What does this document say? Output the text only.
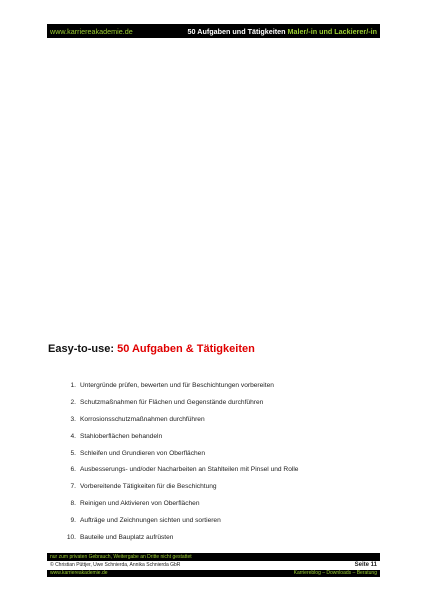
www.karriereakademie.de	50 Aufgaben und Tätigkeiten Maler/-in und Lackierer/-in
Easy-to-use: 50 Aufgaben & Tätigkeiten
1. Untergründe prüfen, bewerten und für Beschichtungen vorbereiten
2. Schutzmaßnahmen für Flächen und Gegenstände durchführen
3. Korrosionsschutzmaßnahmen durchführen
4. Stahloberflächen behandeln
5. Schleifen und Grundieren von Oberflächen
6. Ausbesserungs- und/oder Nacharbeiten an Stahlteilen mit Pinsel und Rolle
7. Vorbereitende Tätigkeiten für die Beschichtung
8. Reinigen und Aktivieren von Oberflächen
9. Aufträge und Zeichnungen sichten und sortieren
10. Bauteile und Bauplatz aufrüsten
nur zum privaten Gebrauch, Weitergabe an Dritte nicht gestattet
© Christian Püttjer, Uwe Schnierda, Annika Schnierda GbR	Seite 11
www.karriereakademie.de	Karriereblog – Downloads – Beratung
